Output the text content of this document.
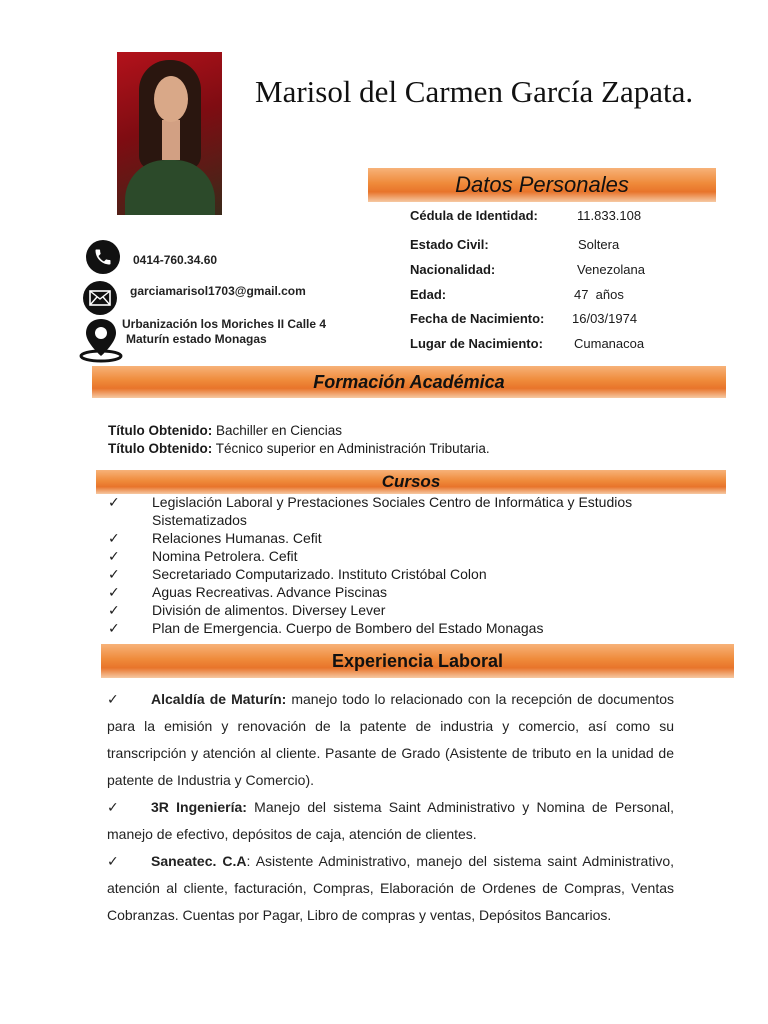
Marisol del Carmen García Zapata.
Datos Personales
Cédula de Identidad:	11.833.108
Estado Civil:	Soltera
Nacionalidad:	Venezolana
Edad:	47  años
Fecha de Nacimiento: 16/03/1974
Lugar de Nacimiento: Cumanacoa
0414-760.34.60
garciamarisol1703@gmail.com
Urbanización los Moriches II Calle 4
Maturín estado Monagas
Formación Académica
Título Obtenido: Bachiller en Ciencias
Título Obtenido: Técnico superior en Administración Tributaria.
Cursos
✓ Legislación Laboral y Prestaciones Sociales Centro de Informática y Estudios Sistematizados
✓ Relaciones Humanas. Cefit
✓ Nomina Petrolera. Cefit
✓ Secretariado Computarizado. Instituto Cristóbal Colon
✓ Aguas Recreativas. Advance Piscinas
✓ División de alimentos. Diversey Lever
✓ Plan de Emergencia. Cuerpo de Bombero del Estado Monagas
Experiencia Laboral

✓ Alcaldía de Maturín: manejo todo lo relacionado con la recepción de documentos para la emisión y renovación de la patente de industria y comercio, así como su transcripción y atención al cliente. Pasante de Grado (Asistente de tributo en la unidad de patente de Industria y Comercio).

✓ 3R Ingeniería: Manejo del sistema Saint Administrativo y Nomina de Personal, manejo de efectivo, depósitos de caja, atención de clientes.

✓ Saneatec. C.A: Asistente Administrativo, manejo del sistema saint Administrativo, atención al cliente, facturación, Compras, Elaboración de Ordenes de Compras, Ventas Cobranzas. Cuentas por Pagar, Libro de compras y ventas, Depósitos Bancarios.
